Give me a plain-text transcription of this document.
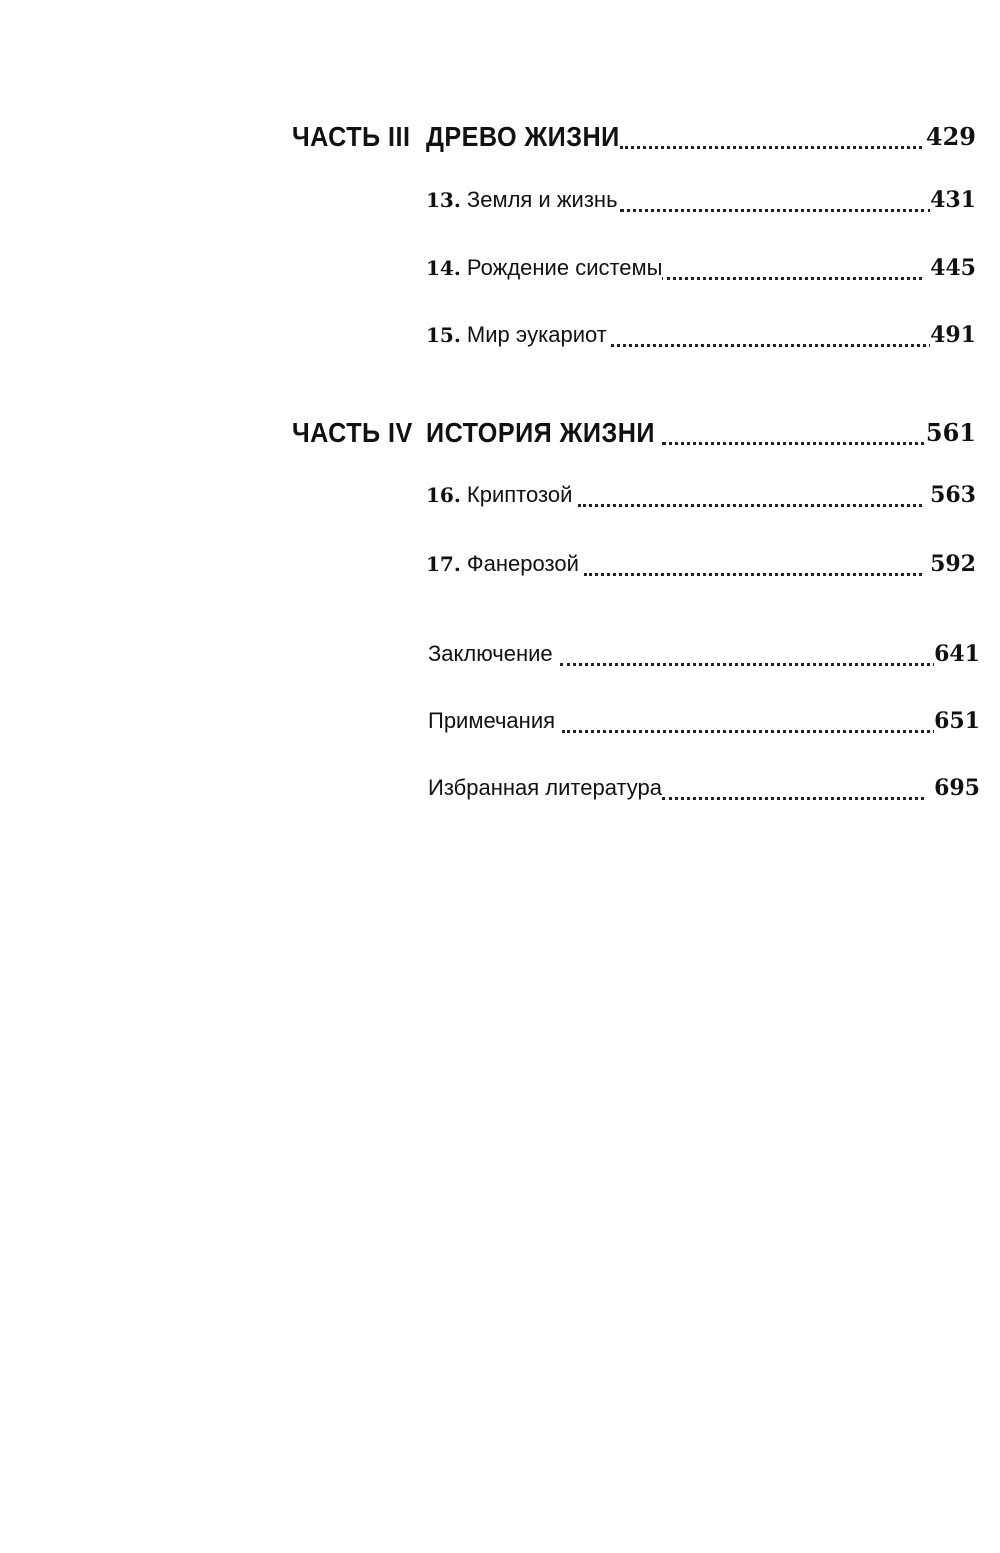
ЧАСТЬ III ДРЕВО ЖИЗНИ	429
13. Земля и жизнь	431
14. Рождение системы	445
15. Мир эукариот	491
ЧАСТЬ IV ИСТОРИЯ ЖИЗНИ	561
16. Криптозой	563
17. Фанерозой	592
Заключение	641
Примечания	651
Избранная литература	695
